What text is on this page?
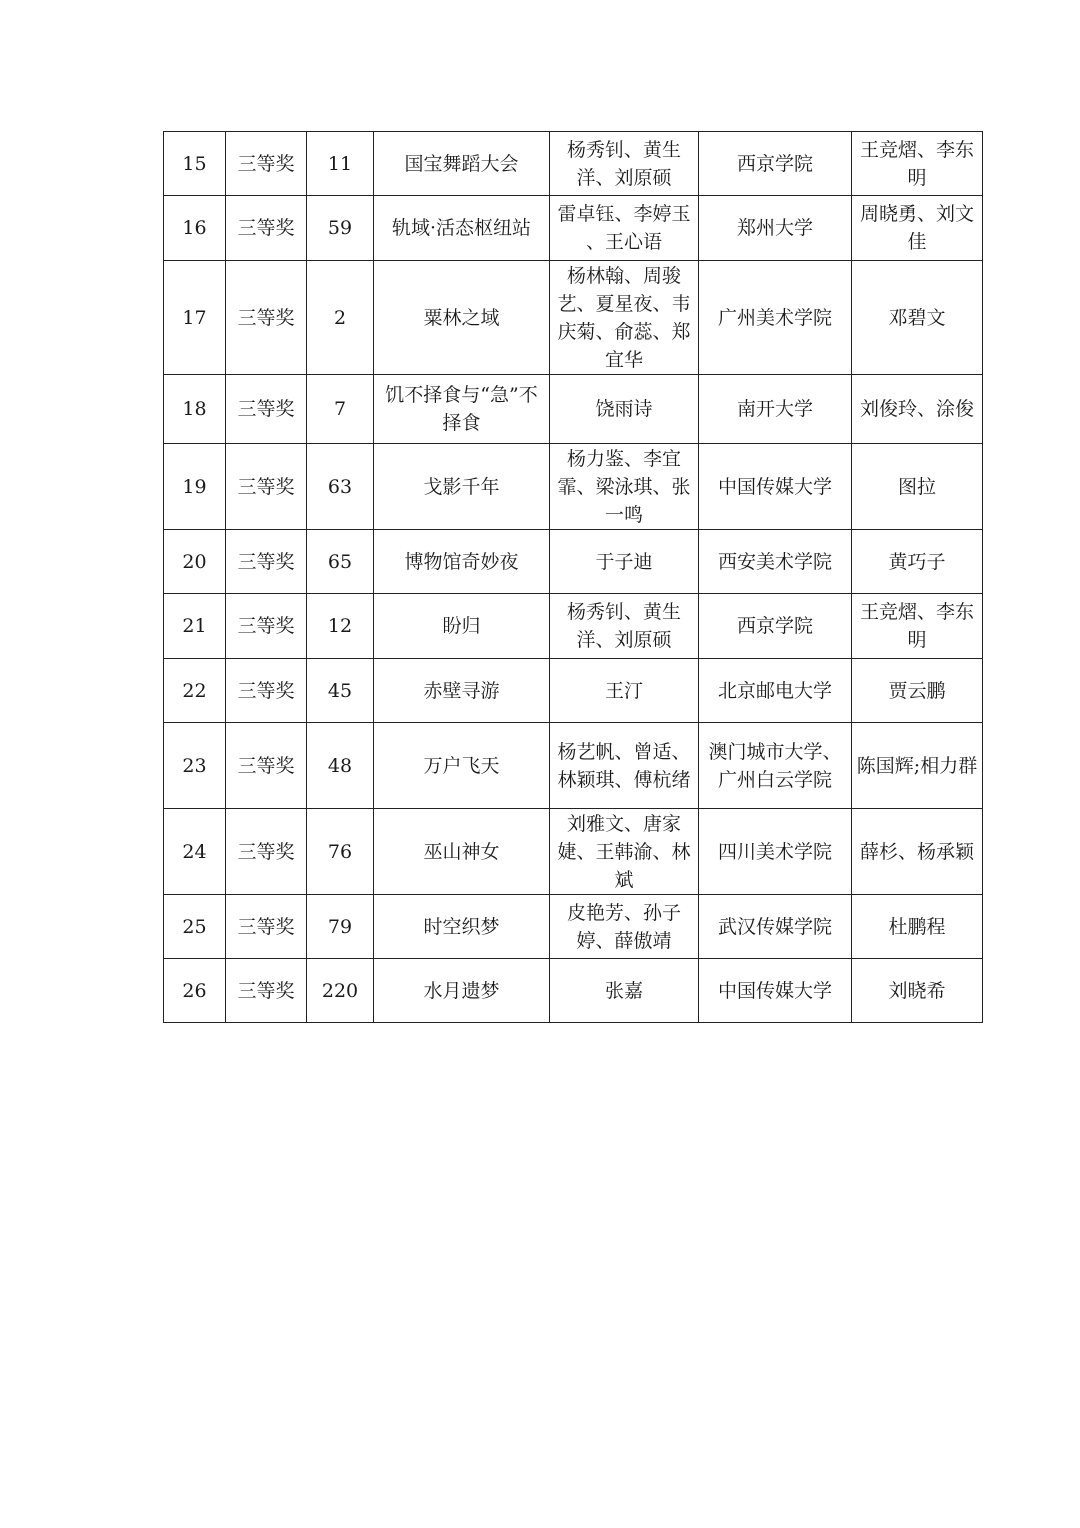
15	三等奖	11	国宝舞蹈大会	杨秀钊、黄生洋、刘原硕	西京学院	王竞熠、李东明
16	三等奖	59	轨域·活态枢纽站	雷卓钰、李婷玉 、王心语	郑州大学	周晓勇、刘文佳
17	三等奖	2	粟林之域	杨林翰、周骏艺、夏星夜、韦庆菊、俞蕊、郑宜华	广州美术学院	邓碧文
18	三等奖	7	饥不择食与“急”不择食	饶雨诗	南开大学	刘俊玲、涂俊
19	三等奖	63	戈影千年	杨力鉴、李宜霏、梁泳琪、张一鸣	中国传媒大学	图拉
20	三等奖	65	博物馆奇妙夜	于子迪	西安美术学院	黄巧子
21	三等奖	12	盼归	杨秀钊、黄生洋、刘原硕	西京学院	王竞熠、李东明
22	三等奖	45	赤壁寻游	王汀	北京邮电大学	贾云鹏
23	三等奖	48	万户飞天	杨艺帆、曾适、林颖琪、傅杭绪	澳门城市大学、广州白云学院	陈国辉;相力群
24	三等奖	76	巫山神女	刘雅文、唐家婕、王韩渝、林斌	四川美术学院	薛杉、杨承颖
25	三等奖	79	时空织梦	皮艳芳、孙子婷、薛傲靖	武汉传媒学院	杜鹏程
26	三等奖	220	水月遗梦	张嘉	中国传媒大学	刘晓希
